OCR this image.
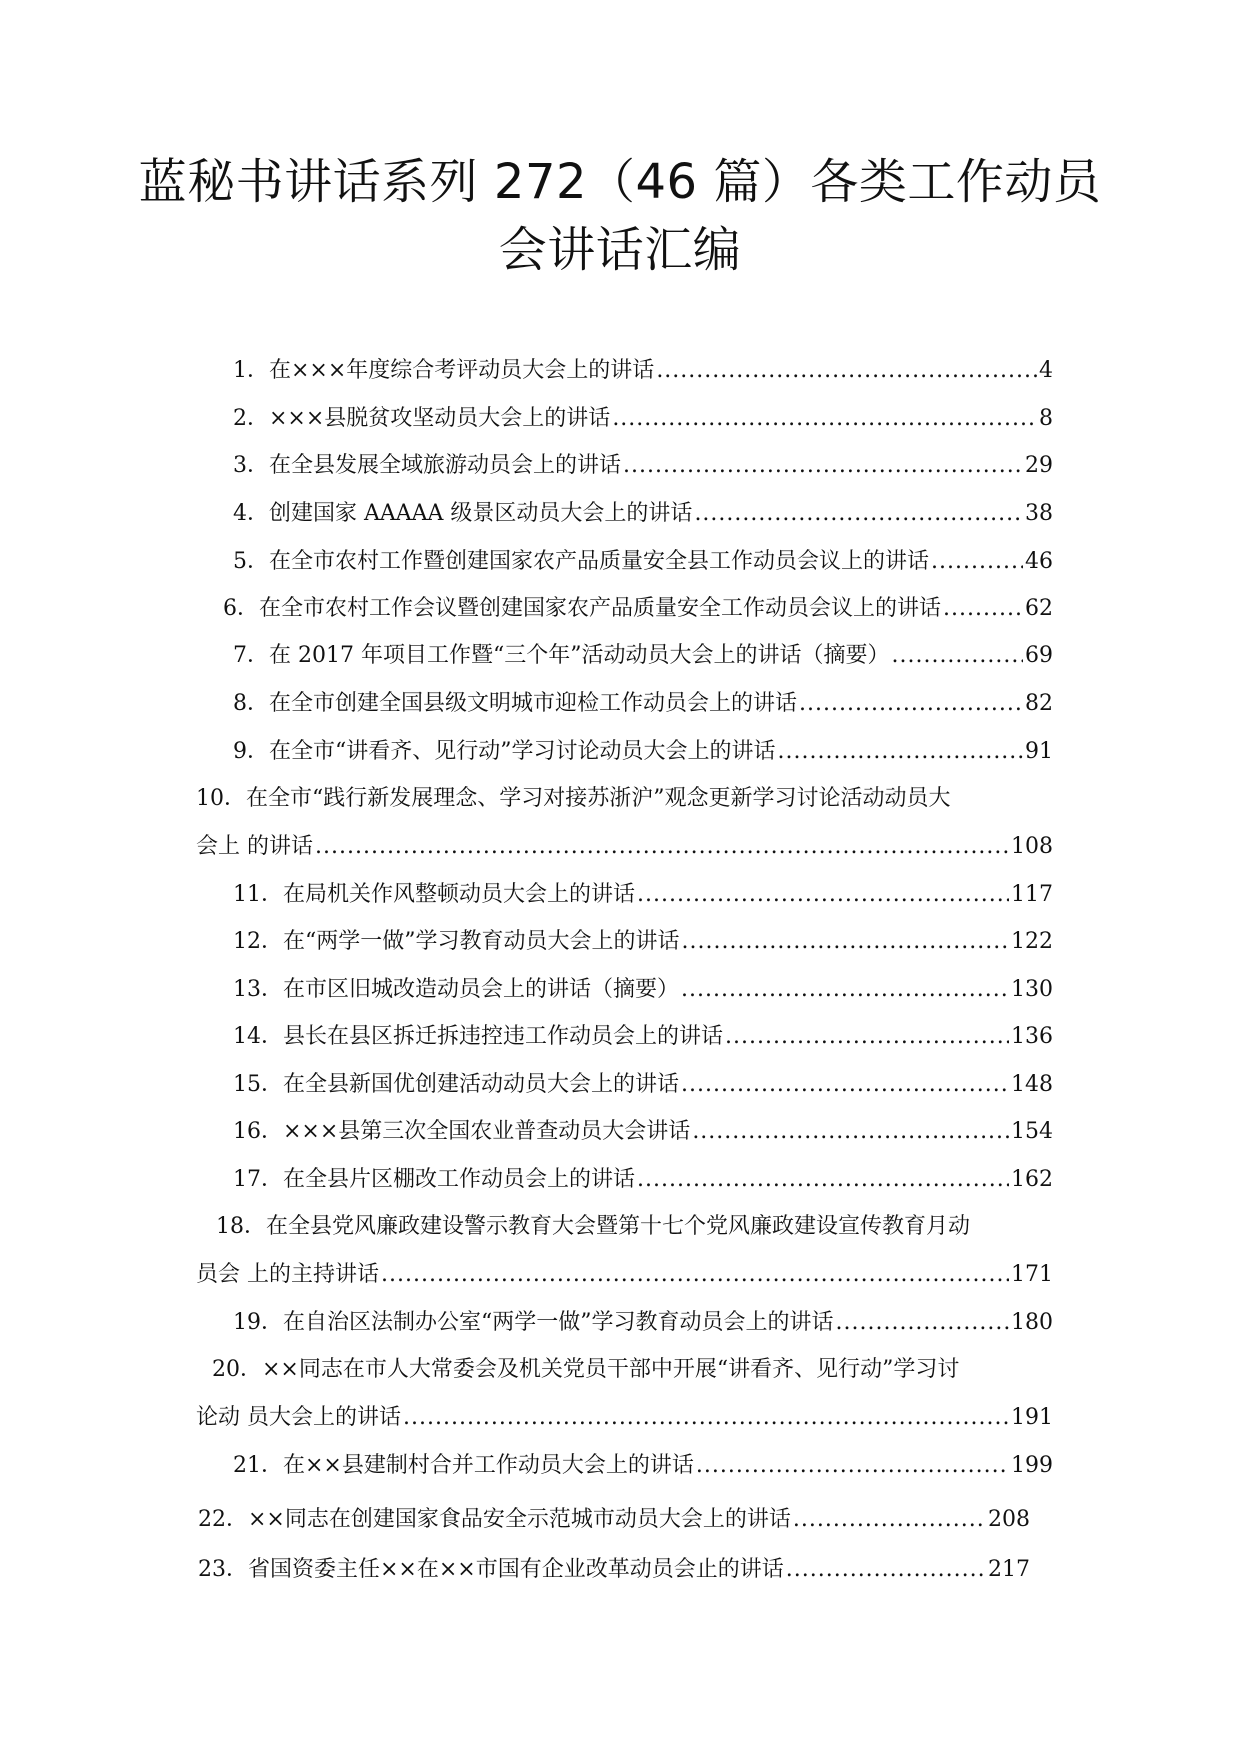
蓝秘书讲话系列 272（46 篇）各类工作动员
会讲话汇编
1． 在×××年度综合考评动员大会上的讲话 .....	4
2． ×××县脱贫攻坚动员大会上的讲话 .....	8
3． 在全县发展全域旅游动员会上的讲话 .....	29
4． 创建国家 AAAAA 级景区动员大会上的讲话 .....	38
5． 在全市农村工作暨创建国家农产品质量安全县工作动员会议上的讲话 .....	46
6． 在全市农村工作会议暨创建国家农产品质量安全工作动员会议上的讲话 .....	62
7． 在 2017 年项目工作暨“三个年”活动动员大会上的讲话（摘要） .....	69
8． 在全市创建全国县级文明城市迎检工作动员会上的讲话 .....	82
9． 在全市“讲看齐、见行动”学习讨论动员大会上的讲话 .....	91
10．在全市“践行新发展理念、学习对接苏浙沪”观念更新学习讨论活动动员大
会上 的讲话 .....	108
11． 在局机关作风整顿动员大会上的讲话 .....	117
12． 在“两学一做”学习教育动员大会上的讲话 .....	122
13． 在市区旧城改造动员会上的讲话（摘要） .....	130
14． 县长在县区拆迁拆违控违工作动员会上的讲话 .....	136
15． 在全县新国优创建活动动员大会上的讲话 .....	148
16． ×××县第三次全国农业普查动员大会讲话 .....	154
17． 在全县片区棚改工作动员会上的讲话 .....	162
18．在全县党风廉政建设警示教育大会暨第十七个党风廉政建设宣传教育月动
员会 上的主持讲话 .....	171
19． 在自治区法制办公室“两学一做”学习教育动员会上的讲话 .....	180
20．××同志在市人大常委会及机关党员干部中开展“讲看齐、见行动”学习讨
论动 员大会上的讲话 .....	191
21． 在××县建制村合并工作动员大会上的讲话 .....	199
22． ××同志在创建国家食品安全示范城市动员大会上的讲话 .....	208
23． 省国资委主任××在××市国有企业改革动员会止的讲话 .....	217
